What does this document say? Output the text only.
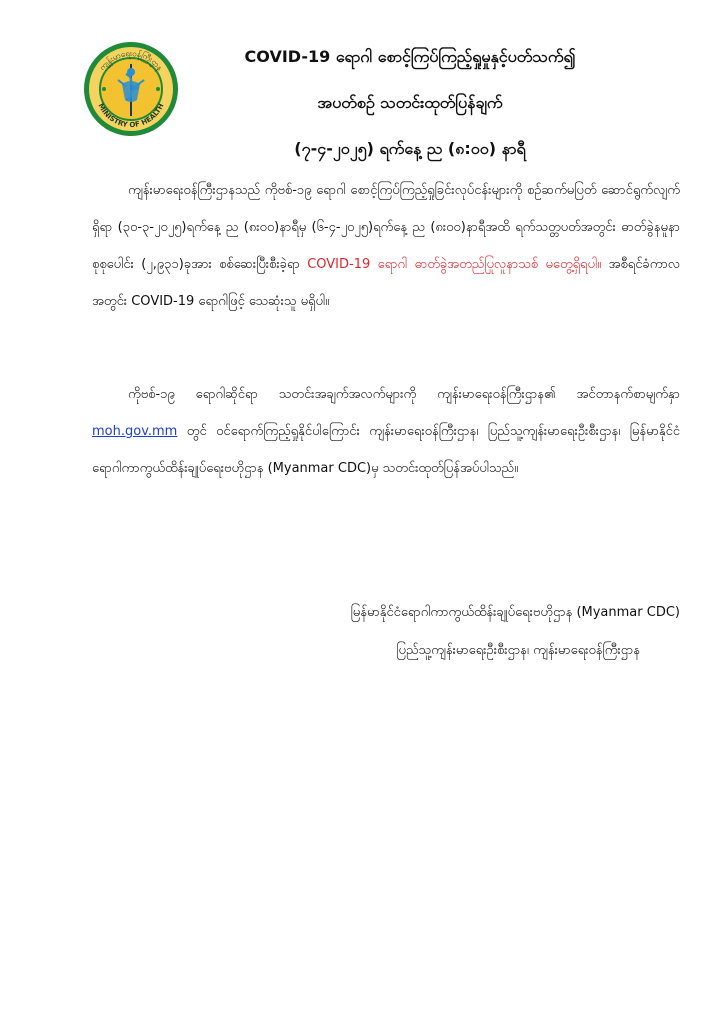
ကျန်းမာရေးဝန်ကြီးဌာန
MINISTRY OF HEALTH

COVID-19 ရောဂါ စောင့်ကြပ်ကြည့်ရှုမှုနှင့်ပတ်သက်၍

အပတ်စဉ် သတင်းထုတ်ပြန်ချက်

(၇-၄-၂၀၂၅) ရက်နေ့ ည (၈:၀၀) နာရီ

ကျန်းမာရေးဝန်ကြီးဌာနသည် ကိုဗစ်-၁၉ ရောဂါ စောင့်ကြပ်ကြည့်ရှုခြင်းလုပ်ငန်းများကို စဉ်ဆက်မပြတ် ဆောင်ရွက်လျက်ရှိရာ (၃၀-၃-၂၀၂၅)ရက်နေ့ ည (၈း၀၀)နာရီမှ (၆-၄-၂၀၂၅)ရက်နေ့ ည (၈း၀၀)နာရီအထိ ရက်သတ္တပတ်အတွင်း ဓာတ်ခွဲနမူနာစုစုပေါင်း (၂,၉၃၁)ခုအား စစ်ဆေးပြီးစီးခဲ့ရာ COVID-19 ရောဂါ ဓာတ်ခွဲအတည်ပြုလူနာသစ် မတွေ့ရှိရပါ။ အစီရင်ခံကာလအတွင်း COVID-19 ရောဂါဖြင့် သေဆုံးသူ မရှိပါ။
ကိုဗစ်-၁၉ ရောဂါဆိုင်ရာ သတင်းအချက်အလက်များကို ကျန်းမာရေးဝန်ကြီးဌာန၏ အင်တာနက်စာမျက်နှာ moh.gov.mm တွင် ဝင်ရောက်ကြည့်ရှုနိုင်ပါကြောင်း ကျန်းမာရေးဝန်ကြီးဌာန၊ ပြည်သူ့ကျန်းမာရေးဦးစီးဌာန၊ မြန်မာနိုင်ငံရောဂါကာကွယ်ထိန်းချုပ်ရေးဗဟိုဌာန (Myanmar CDC)မှ သတင်းထုတ်ပြန်အပ်ပါသည်။

မြန်မာနိုင်ငံရောဂါကာကွယ်ထိန်းချုပ်ရေးဗဟိုဌာန (Myanmar CDC)

ပြည်သူ့ကျန်းမာရေးဦးစီးဌာန၊ ကျန်းမာရေးဝန်ကြီးဌာန
